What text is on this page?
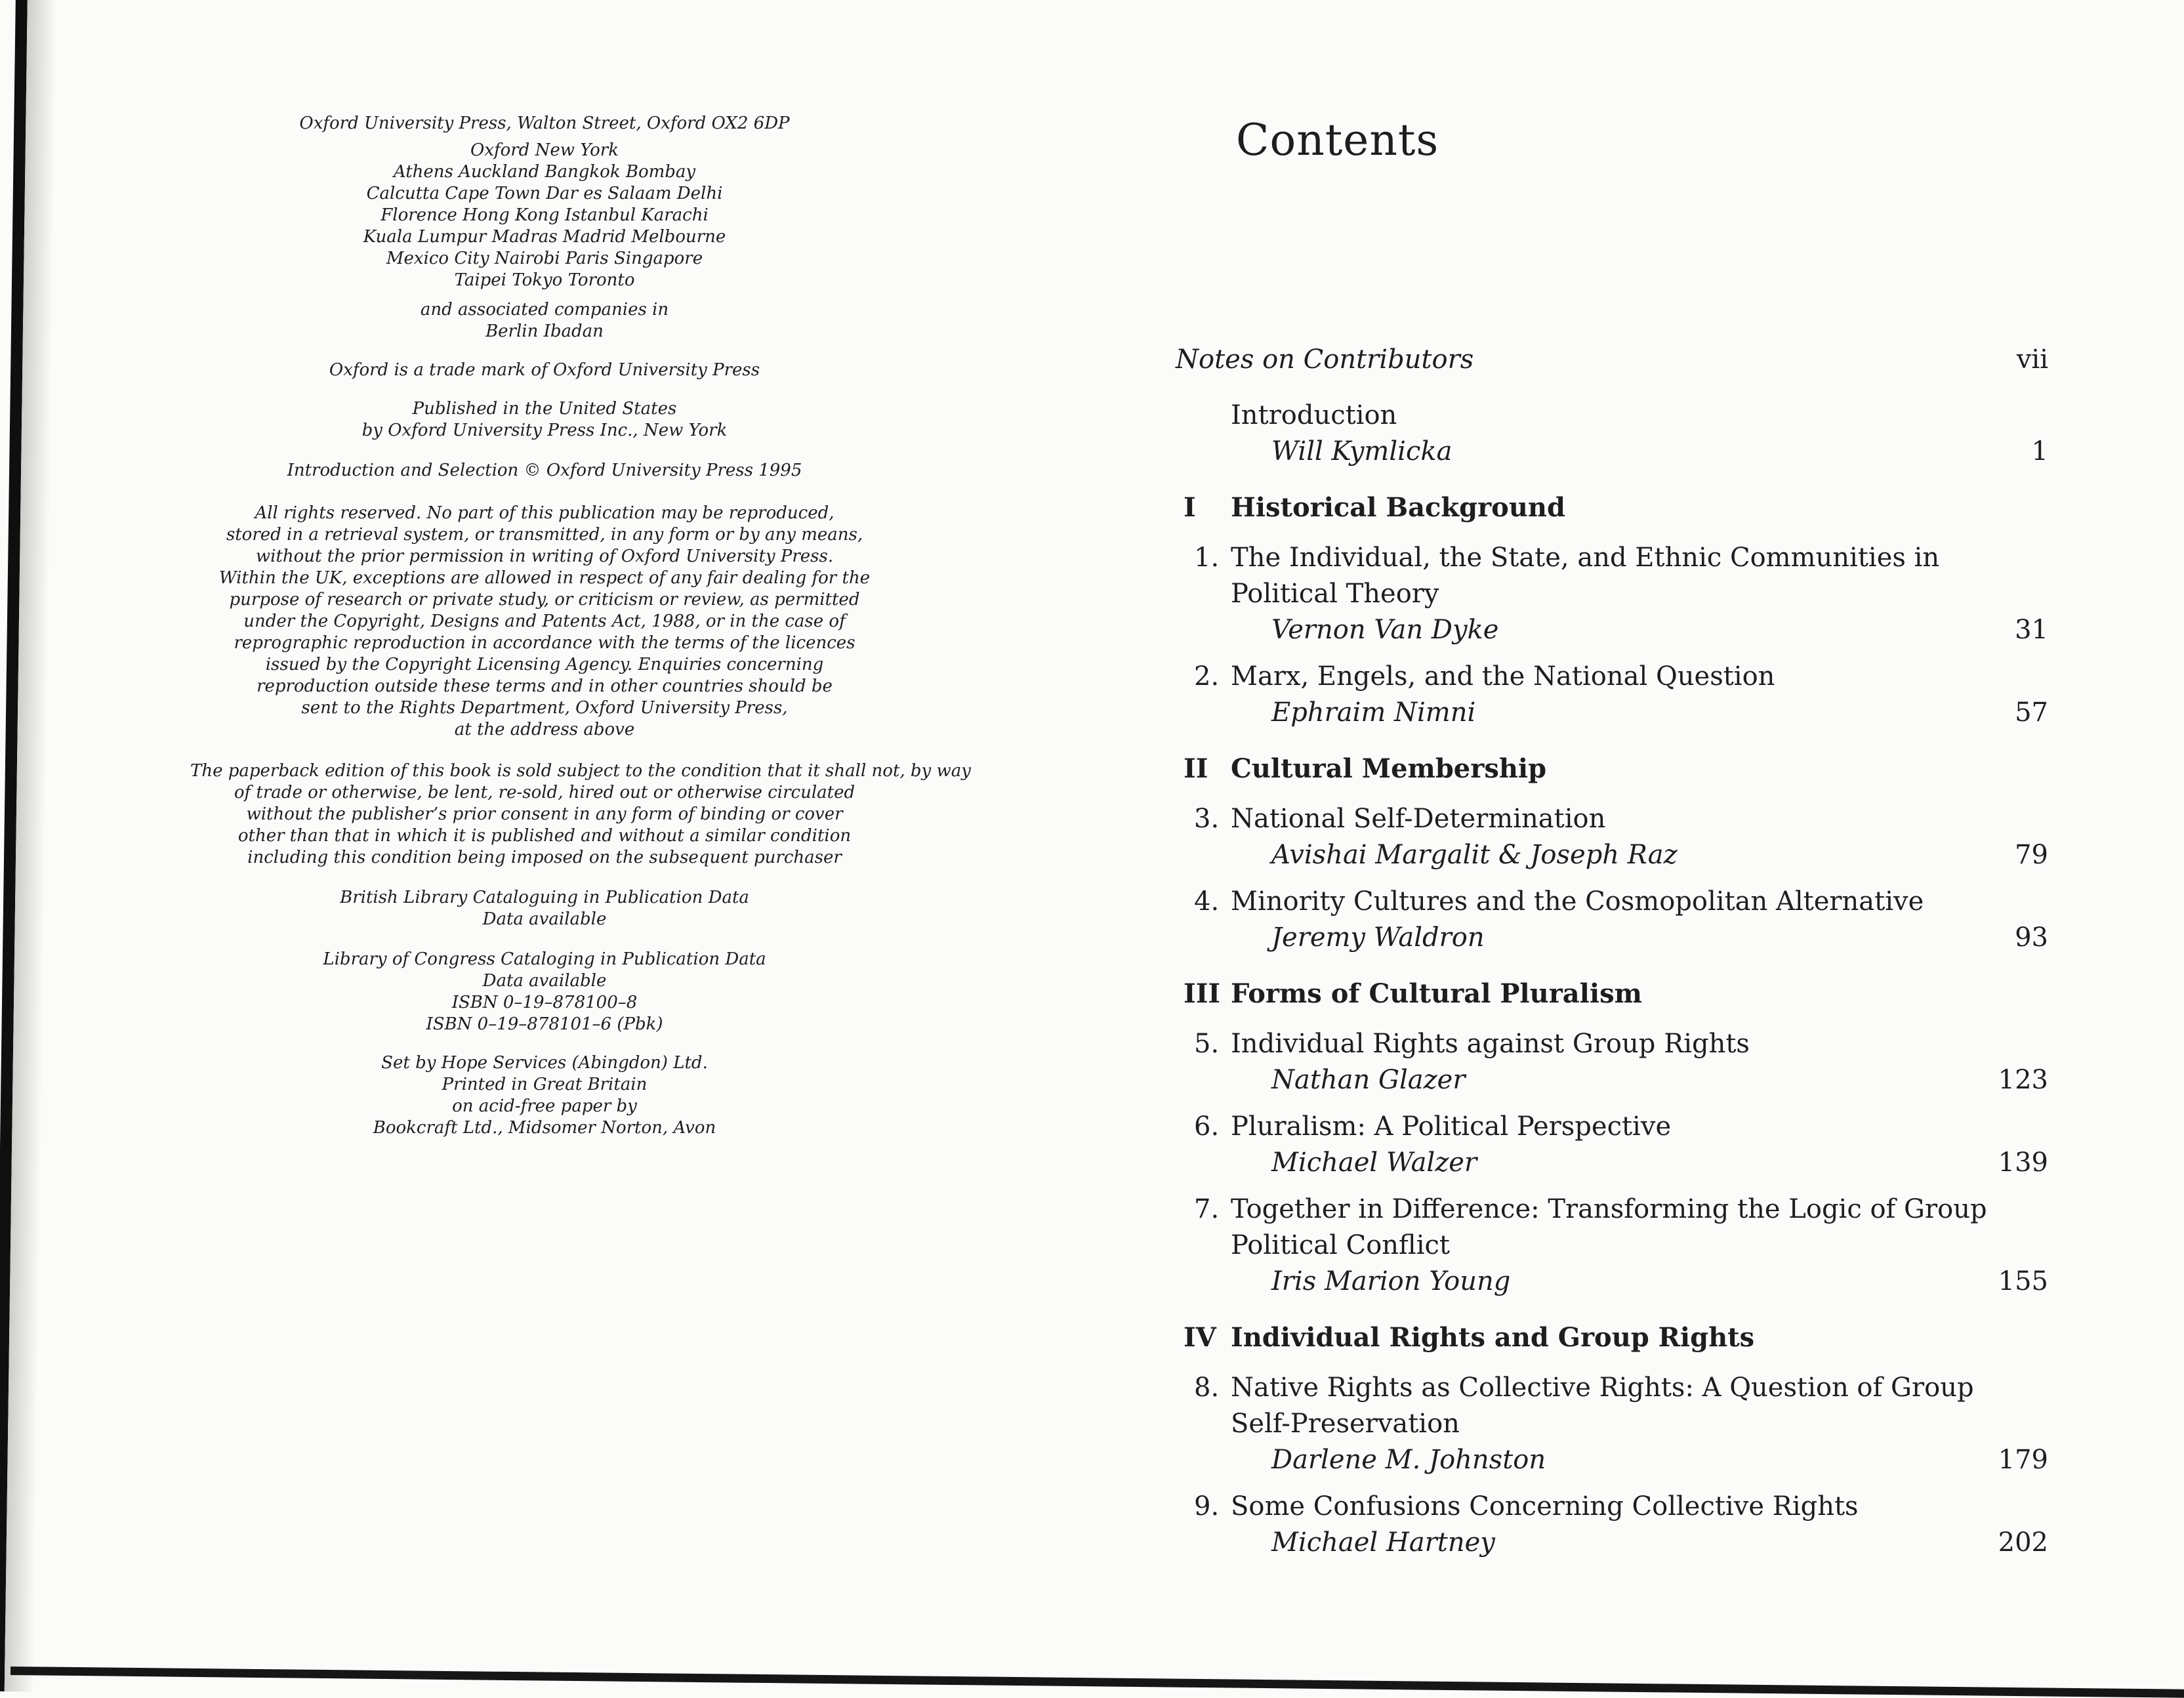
Oxford University Press, Walton Street, Oxford OX2 6DP
Oxford New York
Athens Auckland Bangkok Bombay
Calcutta Cape Town Dar es Salaam Delhi
Florence Hong Kong Istanbul Karachi
Kuala Lumpur Madras Madrid Melbourne
Mexico City Nairobi Paris Singapore
Taipei Tokyo Toronto
and associated companies in
Berlin Ibadan
Oxford is a trade mark of Oxford University Press
Published in the United States
by Oxford University Press Inc., New York
Introduction and Selection © Oxford University Press 1995
All rights reserved. No part of this publication may be reproduced,
stored in a retrieval system, or transmitted, in any form or by any means,
without the prior permission in writing of Oxford University Press.
Within the UK, exceptions are allowed in respect of any fair dealing for the
purpose of research or private study, or criticism or review, as permitted
under the Copyright, Designs and Patents Act, 1988, or in the case of
reprographic reproduction in accordance with the terms of the licences
issued by the Copyright Licensing Agency. Enquiries concerning
reproduction outside these terms and in other countries should be
sent to the Rights Department, Oxford University Press,
at the address above
The paperback edition of this book is sold subject to the condition that it shall not, by way
of trade or otherwise, be lent, re-sold, hired out or otherwise circulated
without the publisher’s prior consent in any form of binding or cover
other than that in which it is published and without a similar condition
including this condition being imposed on the subsequent purchaser
British Library Cataloguing in Publication Data
Data available
Library of Congress Cataloging in Publication Data
Data available
ISBN 0–19–878100–8
ISBN 0–19–878101–6 (Pbk)
Set by Hope Services (Abingdon) Ltd.
Printed in Great Britain
on acid-free paper by
Bookcraft Ltd., Midsomer Norton, Avon
Contents
Notes on Contributors	vii
Introduction
Will Kymlicka	1
I	Historical Background
1. The Individual, the State, and Ethnic Communities in
Political Theory
Vernon Van Dyke	31
2. Marx, Engels, and the National Question
Ephraim Nimni	57
II Cultural Membership
3. National Self-Determination
Avishai Margalit & Joseph Raz	79
4. Minority Cultures and the Cosmopolitan Alternative
Jeremy Waldron	93
III Forms of Cultural Pluralism
5. Individual Rights against Group Rights
Nathan Glazer	123
6. Pluralism: A Political Perspective
Michael Walzer	139
7. Together in Difference: Transforming the Logic of Group
Political Conflict
Iris Marion Young	155
IV Individual Rights and Group Rights
8. Native Rights as Collective Rights: A Question of Group
Self-Preservation
Darlene M. Johnston	179
9. Some Confusions Concerning Collective Rights
Michael Hartney	202
